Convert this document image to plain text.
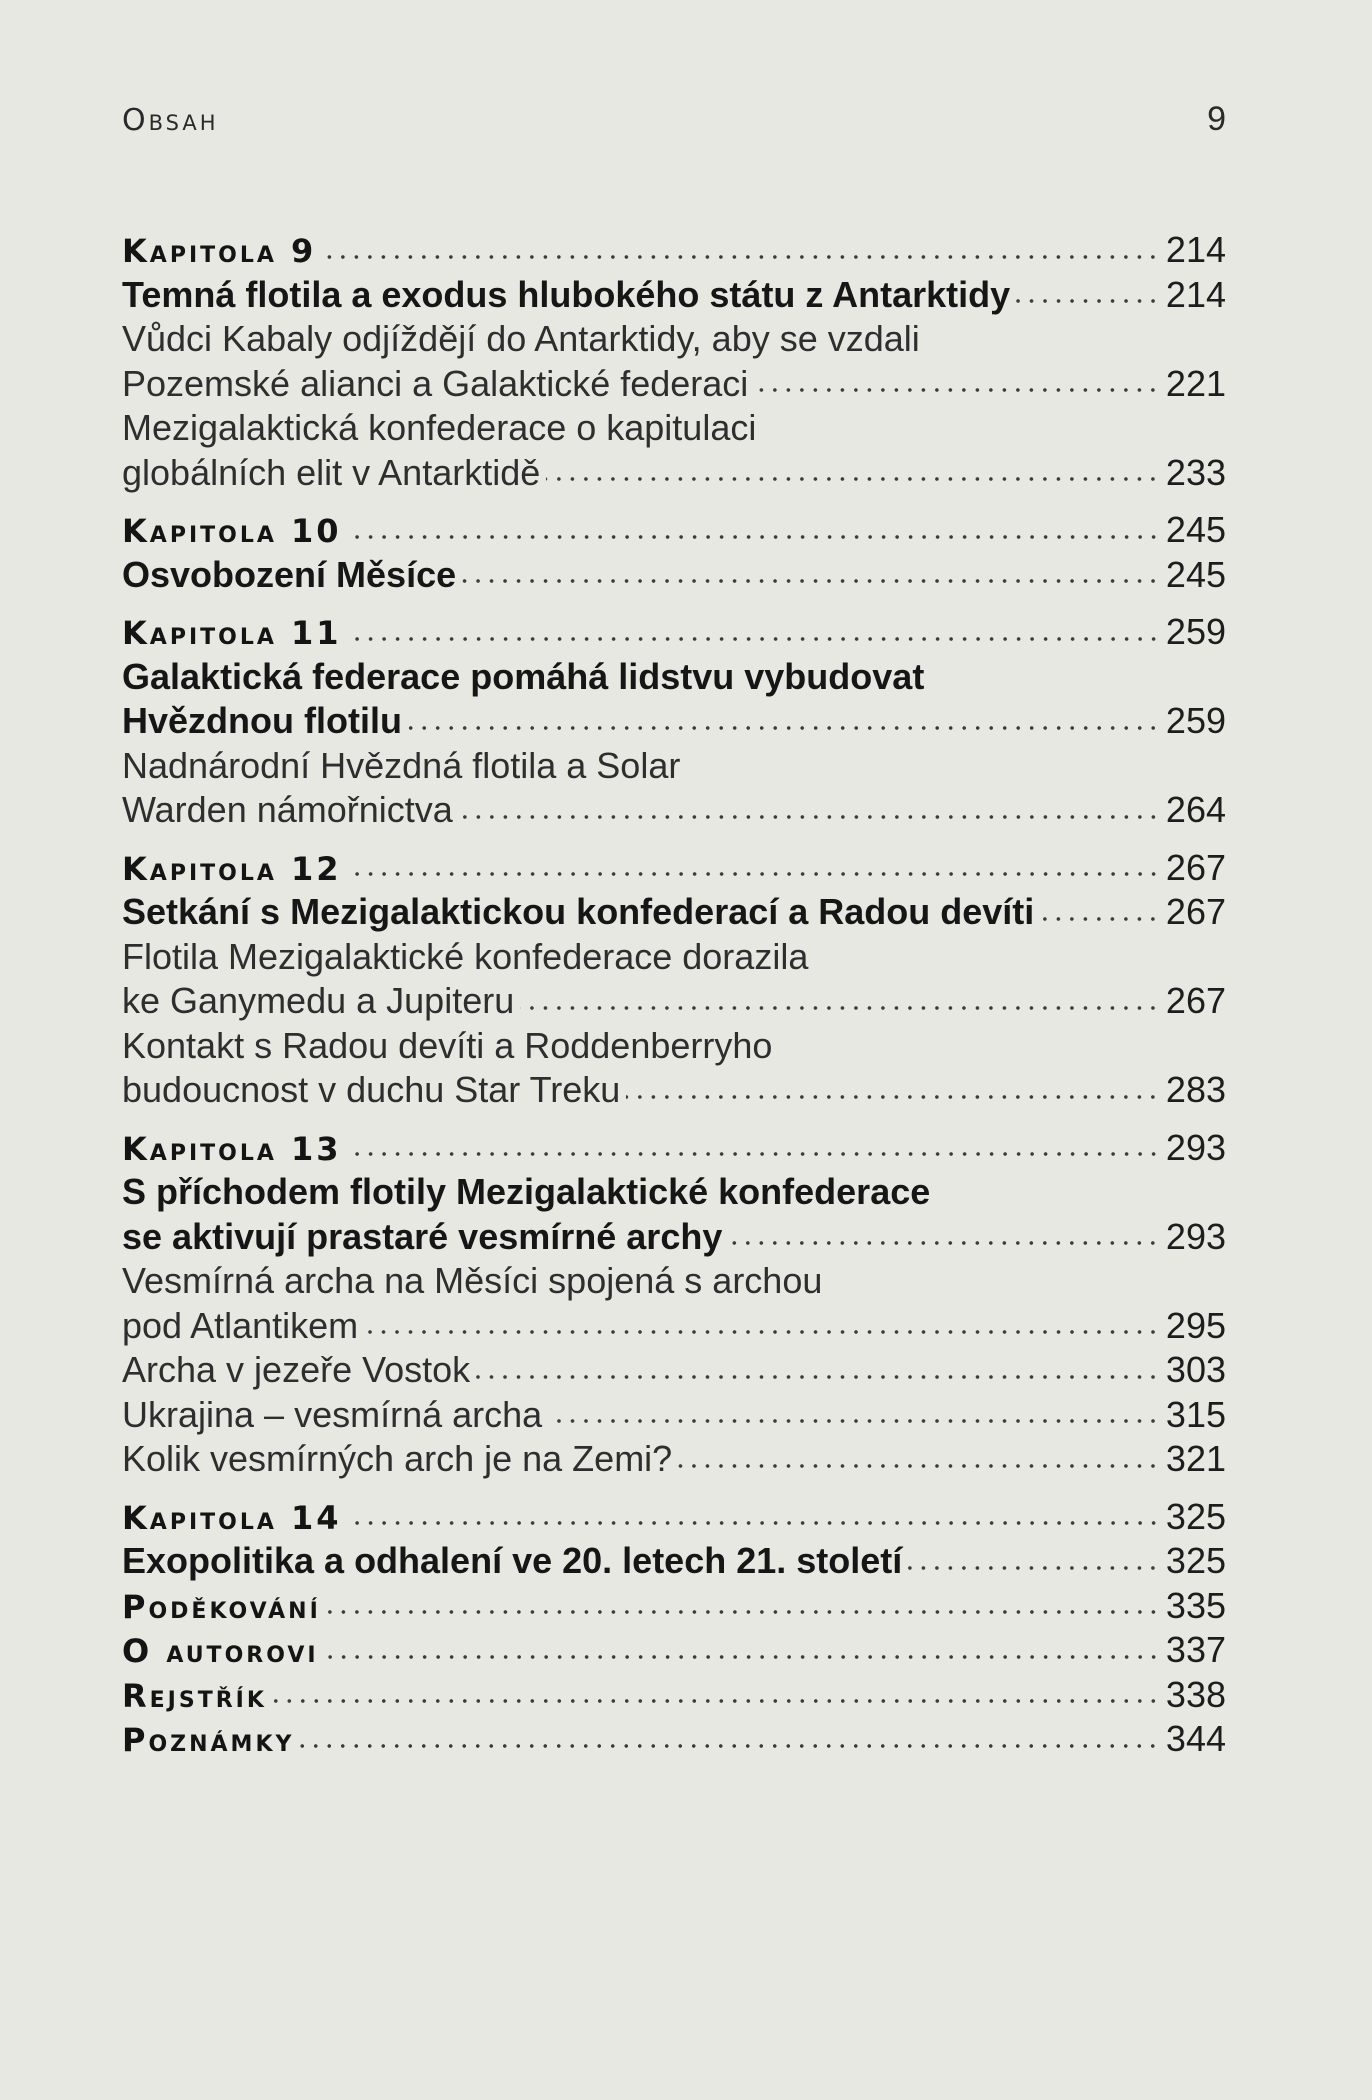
Obsah	9
Kapitola 9	214
Temná flotila a exodus hlubokého státu z Antarktidy	214
Vůdci Kabaly odjíždějí do Antarktidy, aby se vzdali
Pozemské alianci a Galaktické federaci	221
Mezigalaktická konfederace o kapitulaci
globálních elit v Antarktidě	233
Kapitola 10	245
Osvobození Měsíce	245
Kapitola 11	259
Galaktická federace pomáhá lidstvu vybudovat
Hvězdnou flotilu	259
Nadnárodní Hvězdná flotila a Solar
Warden námořnictva	264
Kapitola 12	267
Setkání s Mezigalaktickou konfederací a Radou devíti	267
Flotila Mezigalaktické konfederace dorazila
ke Ganymedu a Jupiteru	267
Kontakt s Radou devíti a Roddenberryho
budoucnost v duchu Star Treku	283
Kapitola 13	293
S příchodem flotily Mezigalaktické konfederace
se aktivují prastaré vesmírné archy	293
Vesmírná archa na Měsíci spojená s archou
pod Atlantikem	295
Archa v jezeře Vostok	303
Ukrajina – vesmírná archa	315
Kolik vesmírných arch je na Zemi?	321
Kapitola 14	325
Exopolitika a odhalení ve 20. letech 21. století	325
Poděkování	335
O autorovi	337
Rejstřík	338
Poznámky	344
